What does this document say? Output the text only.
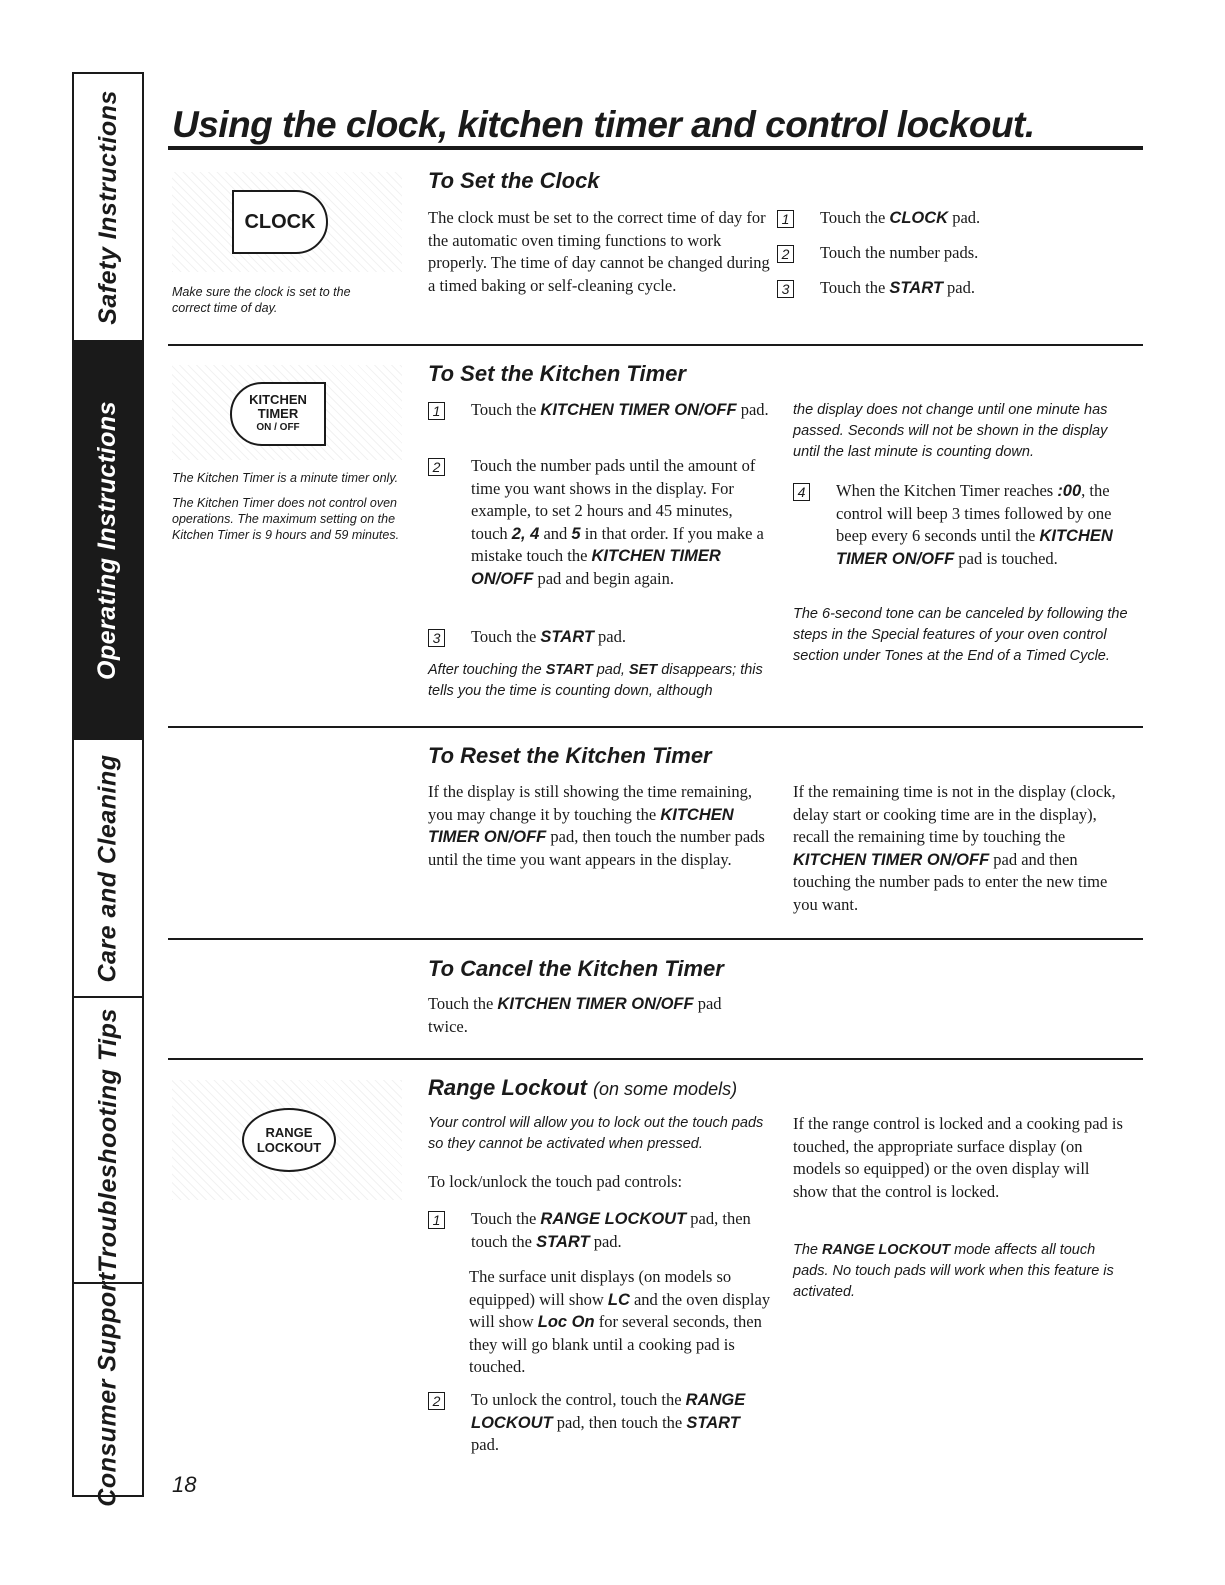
Safety Instructions
Operating Instructions
Care and Cleaning
Troubleshooting Tips
Consumer Support
Using the clock, kitchen timer and control lockout.
CLOCK

Make sure the clock is set to the correct time of day.

To Set the Clock

The clock must be set to the correct time of day for the automatic oven timing functions to work properly. The time of day cannot be changed during a timed baking or self-cleaning cycle.

1 Touch the CLOCK pad.
2 Touch the number pads.
3 Touch the START pad.
KITCHEN
TIMER
ON / OFF

The Kitchen Timer is a minute timer only.

The Kitchen Timer does not control oven operations. The maximum setting on the Kitchen Timer is 9 hours and 59 minutes.

To Set the Kitchen Timer
1 Touch the KITCHEN TIMER ON/OFF pad.
2 Touch the number pads until the amount of time you want shows in the display. For example, to set 2 hours and 45 minutes, touch 2, 4 and 5 in that order. If you make a mistake touch the KITCHEN TIMER ON/OFF pad and begin again.
3 Touch the START pad.

After touching the START pad, SET disappears; this tells you the time is counting down, although

the display does not change until one minute has passed. Seconds will not be shown in the display until the last minute is counting down.

4 When the Kitchen Timer reaches :00, the control will beep 3 times followed by one beep every 6 seconds until the KITCHEN TIMER ON/OFF pad is touched.

The 6-second tone can be canceled by following the steps in the Special features of your oven control section under Tones at the End of a Timed Cycle.

To Reset the Kitchen Timer

If the display is still showing the time remaining, you may change it by touching the KITCHEN TIMER ON/OFF pad, then touch the number pads until the time you want appears in the display.

If the remaining time is not in the display (clock, delay start or cooking time are in the display), recall the remaining time by touching the KITCHEN TIMER ON/OFF pad and then touching the number pads to enter the new time you want.

To Cancel the Kitchen Timer

Touch the KITCHEN TIMER ON/OFF pad twice.

RANGE
LOCKOUT
Range Lockout (on some models)

Your control will allow you to lock out the touch pads so they cannot be activated when pressed.

To lock/unlock the touch pad controls:

1 Touch the RANGE LOCKOUT pad, then touch the START pad.

The surface unit displays (on models so equipped) will show LC and the oven display will show Loc On for several seconds, then they will go blank until a cooking pad is touched.

2 To unlock the control, touch the RANGE LOCKOUT pad, then touch the START pad.

If the range control is locked and a cooking pad is touched, the appropriate surface display (on models so equipped) or the oven display will show that the control is locked.

The RANGE LOCKOUT mode affects all touch pads. No touch pads will work when this feature is activated.

18
